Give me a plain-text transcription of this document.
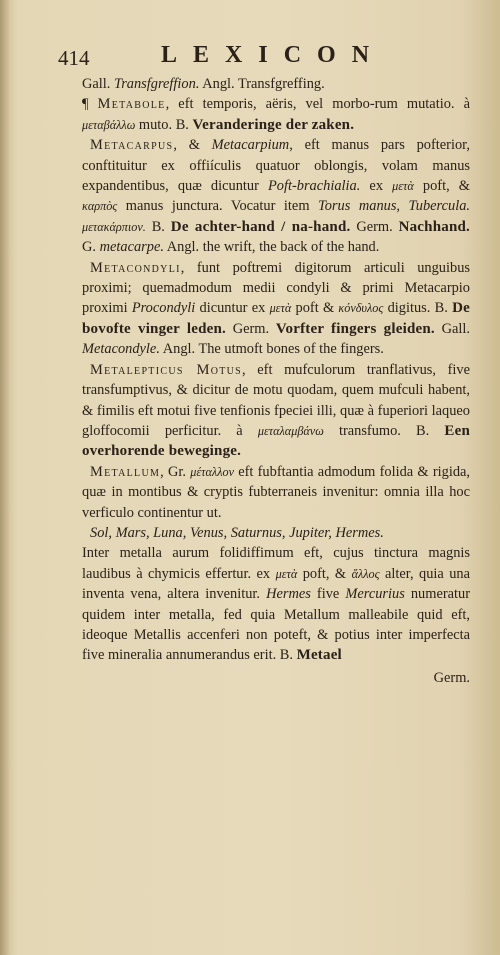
414	LEXICON

Gall. Transfgreffion. Angl. Transfgreffing.

¶ Metabole, eft temporis, aëris, vel morbo-rum mutatio. à μεταβάλλω muto. B. Veranderinge der zaken.

Metacarpus, & Metacarpium, eft manus pars pofterior, conftituitur ex offiículis quatuor oblongis, volam manus expandentibus, quæ dicuntur Poft-brachialia. ex μετὰ poft, & καρπὸς manus junctura. Vocatur item Torus manus, Tubercula. μετακάρπιον. B. De achter-hand / na-hand. Germ. Nachhand. G. metacarpe. Angl. the wrift, the back of the hand.

Metacondyli, funt poftremi digitorum articuli unguibus proximi; quemadmodum medii condyli & primi Metacarpio proximi Procondyli dicuntur ex μετὰ poft & κόνδυλος digitus. B. De bovofte vinger leden. Germ. Vorfter fingers gleiden. Gall. Metacondyle. Angl. The utmoft bones of the fingers.

Metalepticus Motus, eft mufculorum tranflativus, five transfumptivus, & dicitur de motu quodam, quem mufculi habent, & fimilis eft motui five tenfionis fpeciei illi, quæ à fuperiori laqueo gloffocomii perficitur. à μεταλαμβάνω transfumo. B. Een overhorende beweginge.

Metallum, Gr. μέταλλον eft fubftantia admodum folida & rigida, quæ in montibus & cryptis fubterraneis invenitur: omnia illa hoc verficulo continentur ut.

Sol, Mars, Luna, Venus, Saturnus, Jupiter, Hermes.

Inter metalla aurum folidiffimum eft, cujus tinctura magnis laudibus à chymicis effertur. ex μετὰ poft, & ἄλλος alter, quia una inventa vena, altera invenitur. Hermes five Mercurius numeratur quidem inter metalla, fed quia Metallum malleabile quid eft, ideoque Metallis accenferi non poteft, & potius inter imperfecta five mineralia annumerandus erit. B. Metael

Germ.
